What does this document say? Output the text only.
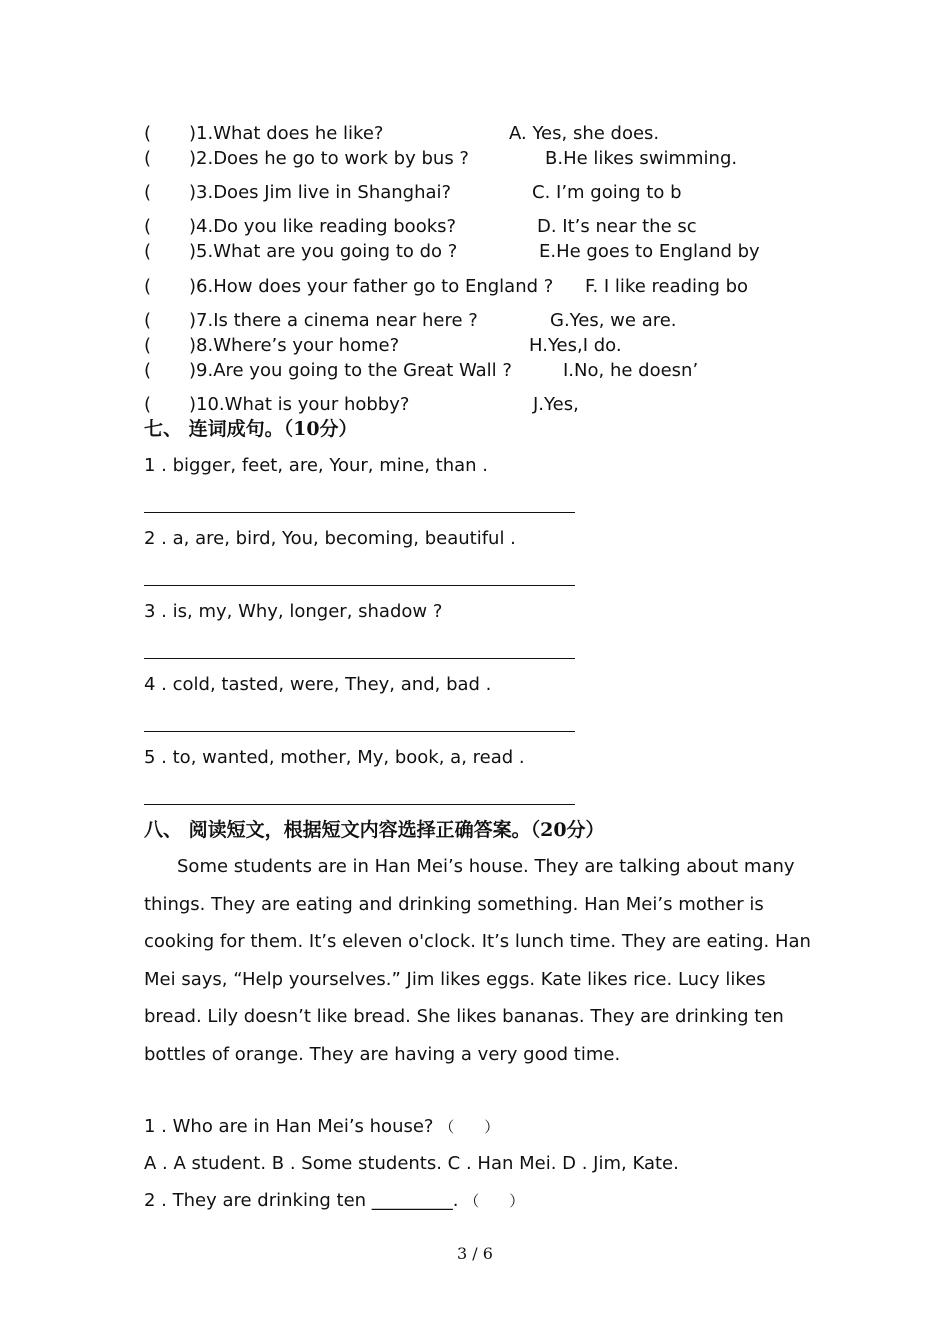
( )1.What does he like?	A. Yes, she does.
( )2.Does he go to work by bus ?	B.He likes swimming.
( )3.Does Jim live in Shanghai?	C. I’m going to b
( )4.Do you like reading books?	D. It’s near the sc
( )5.What are you going to do ?	E.He goes to England by
( )6.How does your father go to England ? F. I like reading bo
( )7.Is there a cinema near here ?	G.Yes, we are.
( )8.Where’s your home?	H.Yes,I do.
( )9.Are you going to the Great Wall ?	I.No, he doesn’
( )10.What is your hobby?	J.Yes,
七、 连词成句。（10分）
1 . bigger, feet, are, Your, mine, than .
2 . a, are, bird, You, becoming, beautiful .
3 . is, my, Why, longer, shadow ?
4 . cold, tasted, were, They, and, bad .
5 . to, wanted, mother, My, book, a, read .
八、 阅读短文，根据短文内容选择正确答案。（20分）
Some students are in Han Mei’s house. They are talking about many things. They are eating and drinking something. Han Mei’s mother is cooking for them. It’s eleven o'clock. It’s lunch time. They are eating. Han Mei says, “Help yourselves.” Jim likes eggs. Kate likes rice. Lucy likes bread. Lily doesn’t like bread. She likes bananas. They are drinking ten bottles of orange. They are having a very good time.
1 . Who are in Han Mei’s house? （　　）
A . A student. B . Some students. C . Han Mei. D . Jim, Kate.
2 . They are drinking ten _________. （　　）
3 / 6
